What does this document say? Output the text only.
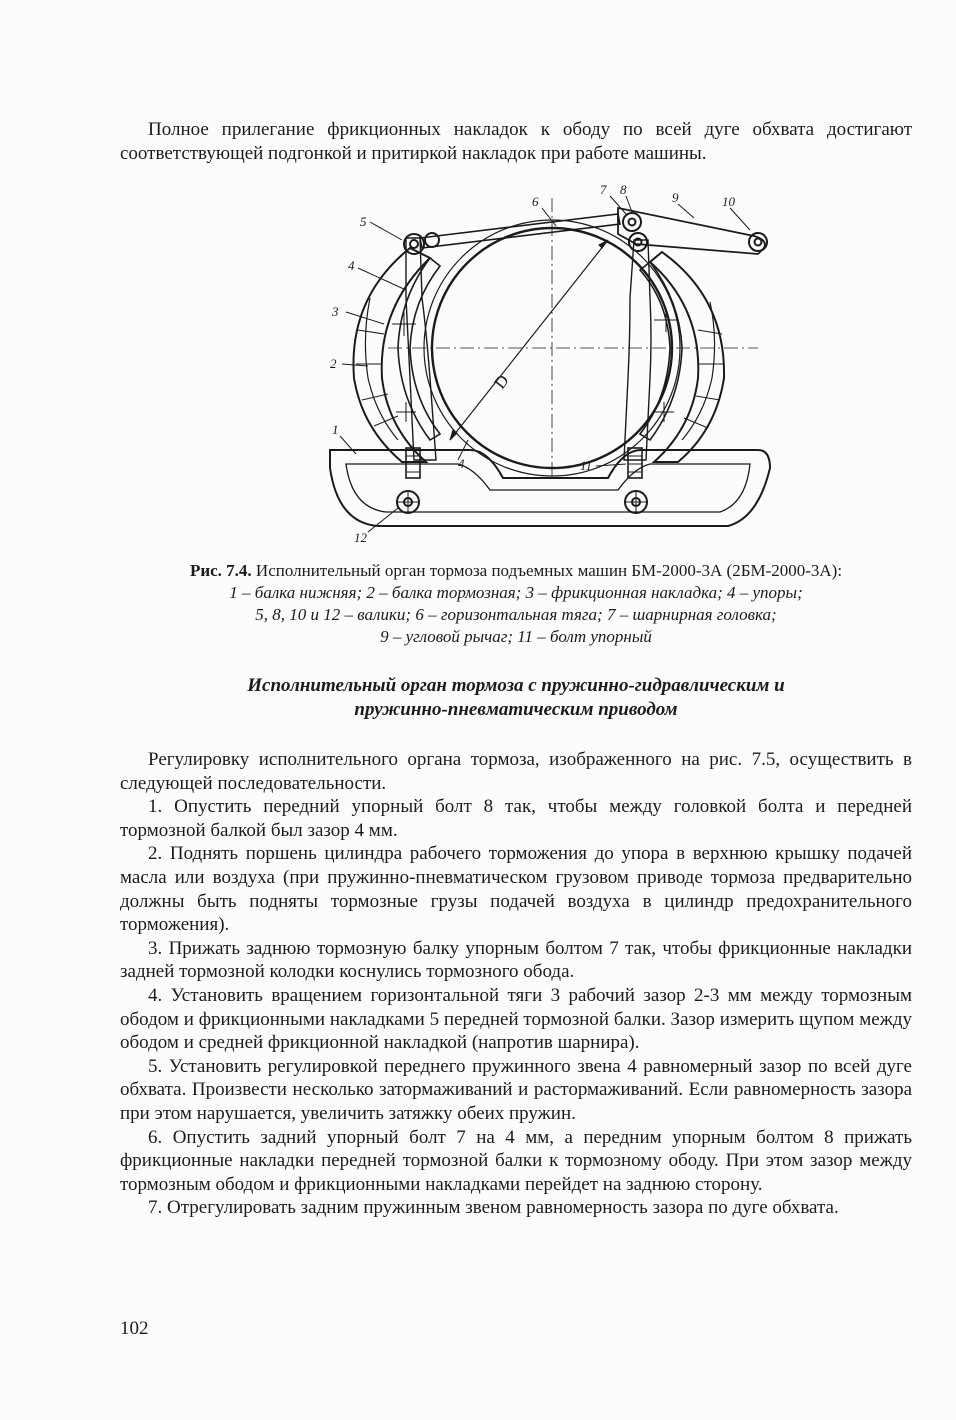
Полное прилегание фрикционных накладок к ободу по всей дуге обхвата достигают соответствующей подгонкой и притиркой накладок при работе машины.

1
2
3
4
5
6
7 8
9	10
11
12
4
D

Рис. 7.4. Исполнительный орган тормоза подъемных машин БМ-2000-3А (2БМ-2000-3А):
1 – балка нижняя; 2 – балка тормозная; 3 – фрикционная накладка; 4 – упоры;
5, 8, 10 и 12 – валики; 6 – горизонтальная тяга; 7 – шарнирная головка;
9 – угловой рычаг; 11 – болт упорный

Исполнительный орган тормоза с пружинно-гидравлическим и
пружинно-пневматическим приводом

Регулировку исполнительного органа тормоза, изображенного на рис. 7.5, осуществить в следующей последовательности.

1. Опустить передний упорный болт 8 так, чтобы между головкой болта и передней тормозной балкой был зазор 4 мм.

2. Поднять поршень цилиндра рабочего торможения до упора в верхнюю крышку подачей масла или воздуха (при пружинно-пневматическом грузовом приводе тормоза предварительно должны быть подняты тормозные грузы подачей воздуха в цилиндр предохранительного торможения).

3. Прижать заднюю тормозную балку упорным болтом 7 так, чтобы фрикционные накладки задней тормозной колодки коснулись тормозного обода.

4. Установить вращением горизонтальной тяги 3 рабочий зазор 2-3 мм между тормозным ободом и фрикционными накладками 5 передней тормозной балки. Зазор измерить щупом между ободом и средней фрикционной накладкой (напротив шарнира).

5. Установить регулировкой переднего пружинного звена 4 равномерный зазор по всей дуге обхвата. Произвести несколько затормаживаний и растормаживаний. Если равномерность зазора при этом нарушается, увеличить затяжку обеих пружин.

6. Опустить задний упорный болт 7 на 4 мм, а передним упорным болтом 8 прижать фрикционные накладки передней тормозной балки к тормозному ободу. При этом зазор между тормозным ободом и фрикционными накладками перейдет на заднюю сторону.

7. Отрегулировать задним пружинным звеном равномерность зазора по дуге обхвата.

102
